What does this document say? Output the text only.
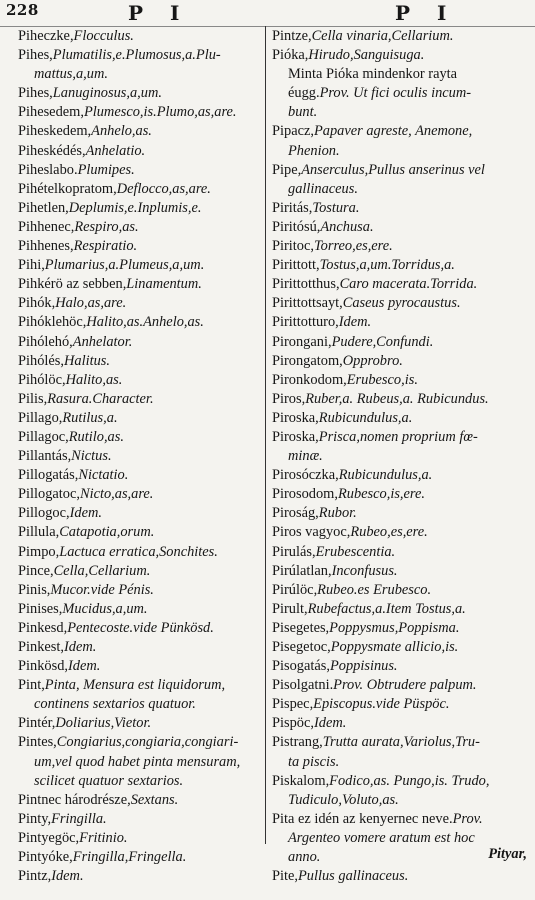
228	P I	P I
Piheczke,Flocculus.
Pihes,Plumatilis,e.Plumosus,a.Plu-
mattus,a,um.
Pihes,Lanuginosus,a,um.
Pihesedem,Plumesco,is.Plumo,as,are.
Piheskedem,Anhelo,as.
Piheskédés,Anhelatio.
Piheslabo.Plumipes.
Pihételkopratom,Deflocco,as,are.
Pihetlen,Deplumis,e.Inplumis,e.
Pihhenec,Respiro,as.
Pihhenes,Respiratio.
Pihi,Plumarius,a.Plumeus,a,um.
Pihkérö az sebben,Linamentum.
Pihók,Halo,as,are.
Pihóklehöc,Halito,as.Anhelo,as.
Pihólehó,Anhelator.
Pihólés,Halitus.
Pihólöc,Halito,as.
Pilis,Rasura.Character.
Pillago,Rutilus,a.
Pillagoc,Rutilo,as.
Pillantás,Nictus.
Pillogatás,Nictatio.
Pillogatoc,Nicto,as,are.
Pillogoc,Idem.
Pillula,Catapotia,orum.
Pimpo,Lactuca erratica,Sonchites.
Pince,Cella,Cellarium.
Pinis,Mucor.vide Pénis.
Pinises,Mucidus,a,um.
Pinkesd,Pentecoste.vide Pünkösd.
Pinkest,Idem.
Pinkösd,Idem.
Pint,Pinta, Mensura est liquidorum,
continens sextarios quatuor.
Pintér,Doliarius,Vietor.
Pintes,Congiarius,congiaria,congiari-
um,vel quod habet pinta mensuram,
scilicet quatuor sextarios.
Pintnec hárodrésze,Sextans.
Pinty,Fringilla.
Pintyegöc,Fritinio.
Pintyóke,Fringilla,Fringella.
Pintz,Idem.
Pintze,Cella vinaria,Cellarium.
Pióka,Hirudo,Sanguisuga.
Minta Pióka mindenkor rayta
éugg.Prov. Ut fici oculis incum-
bunt.
Pipacz,Papaver agreste, Anemone,
Phenion.
Pipe,Anserculus,Pullus anserinus vel
gallinaceus.
Piritás,Tostura.
Piritósú,Anchusa.
Piritoc,Torreo,es,ere.
Pirittott,Tostus,a,um.Torridus,a.
Pirittotthus,Caro macerata.Torrida.
Pirittottsayt,Caseus pyrocaustus.
Pirittotturo,Idem.
Pirongani,Pudere,Confundi.
Pirongatom,Opprobro.
Pironkodom,Erubesco,is.
Piros,Ruber,a. Rubeus,a. Rubicundus.
Piroska,Rubicundulus,a.
Piroska,Prisca,nomen proprium fœ-
minæ.
Pirosóczka,Rubicundulus,a.
Pirosodom,Rubesco,is,ere.
Piroság,Rubor.
Piros vagyoc,Rubeo,es,ere.
Pirulás,Erubescentia.
Pirúlatlan,Inconfusus.
Pirúlöc,Rubeo.es Erubesco.
Pirult,Rubefactus,a.Item Tostus,a.
Pisegetes,Poppysmus,Poppisma.
Pisegetoc,Poppysmate allicio,is.
Pisogatás,Poppisinus.
Pisolgatni.Prov. Obtrudere palpum.
Pispec,Episcopus.vide Püspöc.
Pispöc,Idem.
Pistrang,Trutta aurata,Variolus,Tru-
ta piscis.
Piskalom,Fodico,as. Pungo,is. Trudo,
Tudiculo,Voluto,as.
Pita ez idén az kenyernec neve.Prov.
Argenteo vomere aratum est hoc
anno.
Pite,Pullus gallinaceus.
Pityar,
